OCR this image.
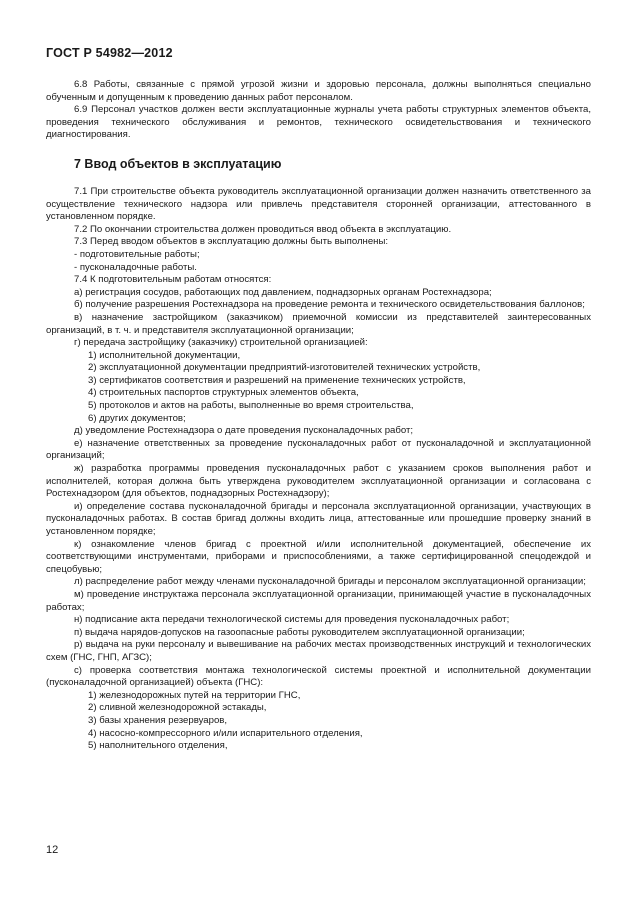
ГОСТ Р 54982—2012
6.8 Работы, связанные с прямой угрозой жизни и здоровью персонала, должны выполняться специально обученным и допущенным к проведению данных работ персоналом.
6.9 Персонал участков должен вести эксплуатационные журналы учета работы структурных элементов объекта, проведения технического обслуживания и ремонтов, технического освидетельствования и технического диагностирования.
7 Ввод объектов в эксплуатацию
7.1 При строительстве объекта руководитель эксплуатационной организации должен назначить ответственного за осуществление технического надзора или привлечь представителя сторонней организации, аттестованного в установленном порядке.
7.2 По окончании строительства должен проводиться ввод объекта в эксплуатацию.
7.3 Перед вводом объектов в эксплуатацию должны быть выполнены:
- подготовительные работы;
- пусконаладочные работы.
7.4 К подготовительным работам относятся:
а) регистрация сосудов, работающих под давлением, поднадзорных органам Ростехнадзора;
б) получение разрешения Ростехнадзора на проведение ремонта и технического освидетельствования баллонов;
в) назначение застройщиком (заказчиком) приемочной комиссии из представителей заинтересованных организаций, в т. ч. и представителя эксплуатационной организации;
г) передача застройщику (заказчику) строительной организацией:
1) исполнительной документации,
2) эксплуатационной документации предприятий-изготовителей технических устройств,
3) сертификатов соответствия и разрешений на применение технических устройств,
4) строительных паспортов структурных элементов объекта,
5) протоколов и актов на работы, выполненные во время строительства,
6) других документов;
д) уведомление Ростехнадзора о дате проведения пусконаладочных работ;
е) назначение ответственных за проведение пусконаладочных работ от пусконаладочной и эксплуатационной организаций;
ж) разработка программы проведения пусконаладочных работ с указанием сроков выполнения работ и исполнителей, которая должна быть утверждена руководителем эксплуатационной организации и согласована с Ростехнадзором (для объектов, поднадзорных Ростехнадзору);
и) определение состава пусконаладочной бригады и персонала эксплуатационной организации, участвующих в пусконаладочных работах. В состав бригад должны входить лица, аттестованные или прошедшие проверку знаний в установленном порядке;
к) ознакомление членов бригад с проектной и/или исполнительной документацией, обеспечение их соответствующими инструментами, приборами и приспособлениями, а также сертифицированной спецодеждой и спецобувью;
л) распределение работ между членами пусконаладочной бригады и персоналом эксплуатационной организации;
м) проведение инструктажа персонала эксплуатационной организации, принимающей участие в пусконаладочных работах;
н) подписание акта передачи технологической системы для проведения пусконаладочных работ;
п) выдача нарядов-допусков на газоопасные работы руководителем эксплуатационной организации;
р) выдача на руки персоналу и вывешивание на рабочих местах производственных инструкций и технологических схем (ГНС, ГНП, АГЗС);
с) проверка соответствия монтажа технологической системы проектной и исполнительной документации (пусконаладочной организацией) объекта (ГНС):
1) железнодорожных путей на территории ГНС,
2) сливной железнодорожной эстакады,
3) базы хранения резервуаров,
4) насосно-компрессорного и/или испарительного отделения,
5) наполнительного отделения,
12
